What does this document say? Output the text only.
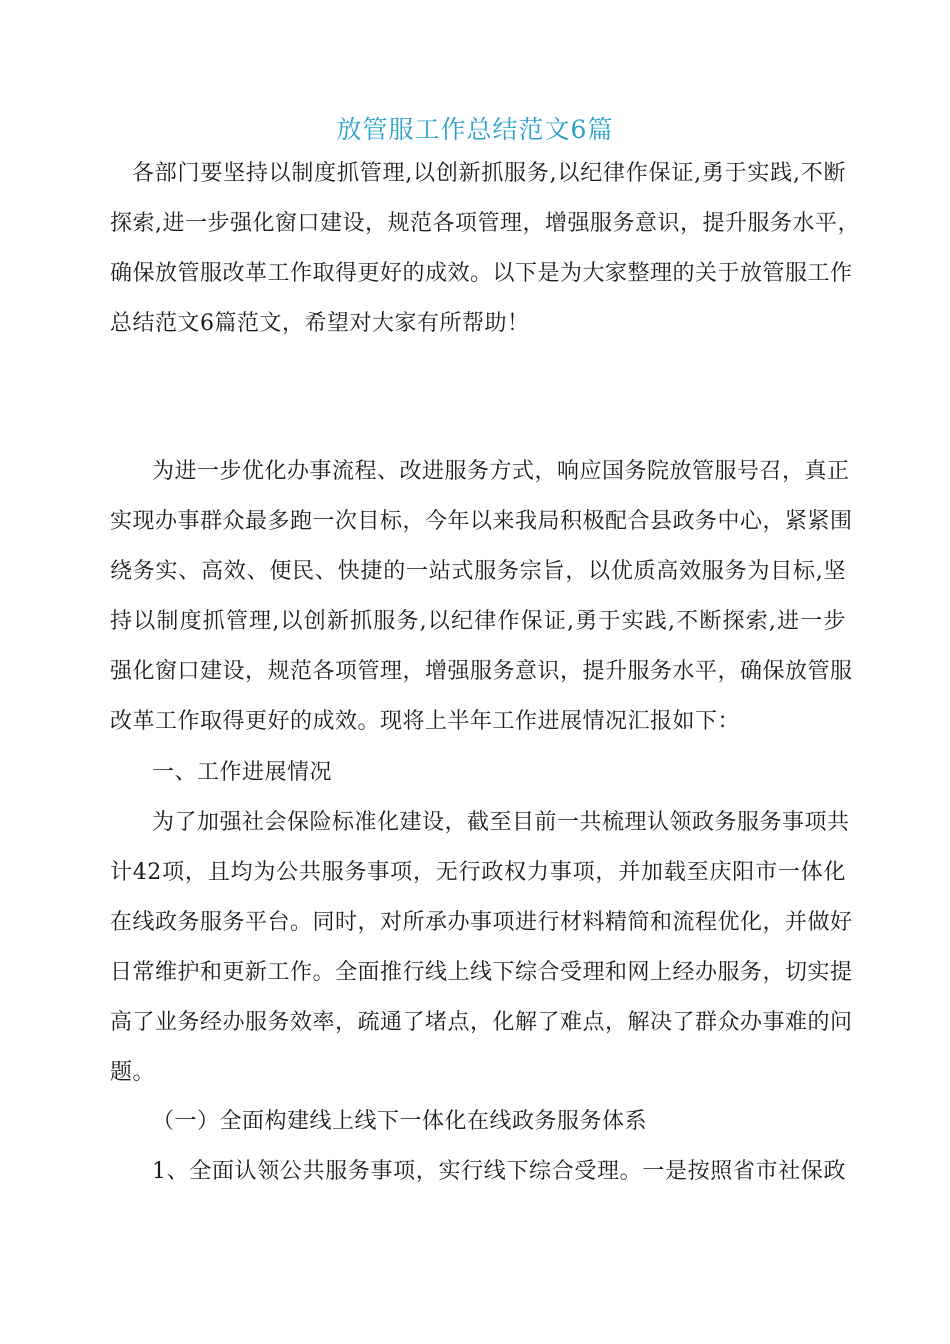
放管服工作总结范文6篇
各部门要坚持以制度抓管理,以创新抓服务,以纪律作保证,勇于实践,不断
探索,进一步强化窗口建设，规范各项管理，增强服务意识，提升服务水平，
确保放管服改革工作取得更好的成效。以下是为大家整理的关于放管服工作
总结范文6篇范文，希望对大家有所帮助！
为进一步优化办事流程、改进服务方式，响应国务院放管服号召，真正
实现办事群众最多跑一次目标，今年以来我局积极配合县政务中心，紧紧围
绕务实、高效、便民、快捷的一站式服务宗旨，以优质高效服务为目标,坚
持以制度抓管理,以创新抓服务,以纪律作保证,勇于实践,不断探索,进一步
强化窗口建设，规范各项管理，增强服务意识，提升服务水平，确保放管服
改革工作取得更好的成效。现将上半年工作进展情况汇报如下：
一、工作进展情况
为了加强社会保险标准化建设，截至目前一共梳理认领政务服务事项共
计42项，且均为公共服务事项，无行政权力事项，并加载至庆阳市一体化
在线政务服务平台。同时，对所承办事项进行材料精简和流程优化，并做好
日常维护和更新工作。全面推行线上线下综合受理和网上经办服务，切实提
高了业务经办服务效率，疏通了堵点，化解了难点，解决了群众办事难的问
题。
（一）全面构建线上线下一体化在线政务服务体系
1、全面认领公共服务事项，实行线下综合受理。一是按照省市社保政
